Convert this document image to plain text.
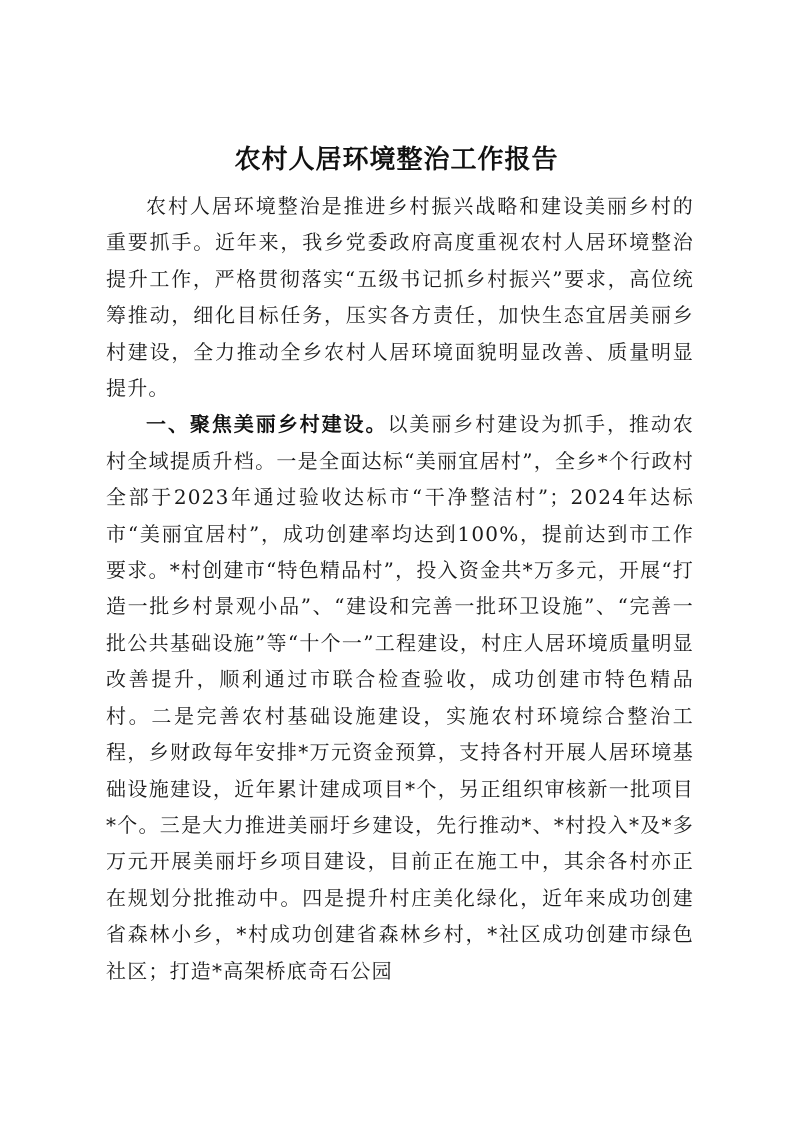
农村人居环境整治工作报告

农村人居环境整治是推进乡村振兴战略和建设美丽乡村的重要抓手。近年来，我乡党委政府高度重视农村人居环境整治提升工作，严格贯彻落实“五级书记抓乡村振兴”要求，高位统筹推动，细化目标任务，压实各方责任，加快生态宜居美丽乡村建设，全力推动全乡农村人居环境面貌明显改善、质量明显提升。

一、聚焦美丽乡村建设。以美丽乡村建设为抓手，推动农村全域提质升档。一是全面达标“美丽宜居村”，全乡*个行政村全部于2023年通过验收达标市“干净整洁村”；2024年达标市“美丽宜居村”，成功创建率均达到100%，提前达到市工作要求。*村创建市“特色精品村”，投入资金共*万多元，开展“打造一批乡村景观小品”、“建设和完善一批环卫设施”、“完善一批公共基础设施”等“十个一”工程建设，村庄人居环境质量明显改善提升，顺利通过市联合检查验收，成功创建市特色精品村。二是完善农村基础设施建设，实施农村环境综合整治工程，乡财政每年安排*万元资金预算，支持各村开展人居环境基础设施建设，近年累计建成项目*个，另正组织审核新一批项目*个。三是大力推进美丽圩乡建设，先行推动*、*村投入*及*多万元开展美丽圩乡项目建设，目前正在施工中，其余各村亦正在规划分批推动中。四是提升村庄美化绿化，近年来成功创建省森林小乡，*村成功创建省森林乡村，*社区成功创建市绿色社区；打造*高架桥底奇石公园
